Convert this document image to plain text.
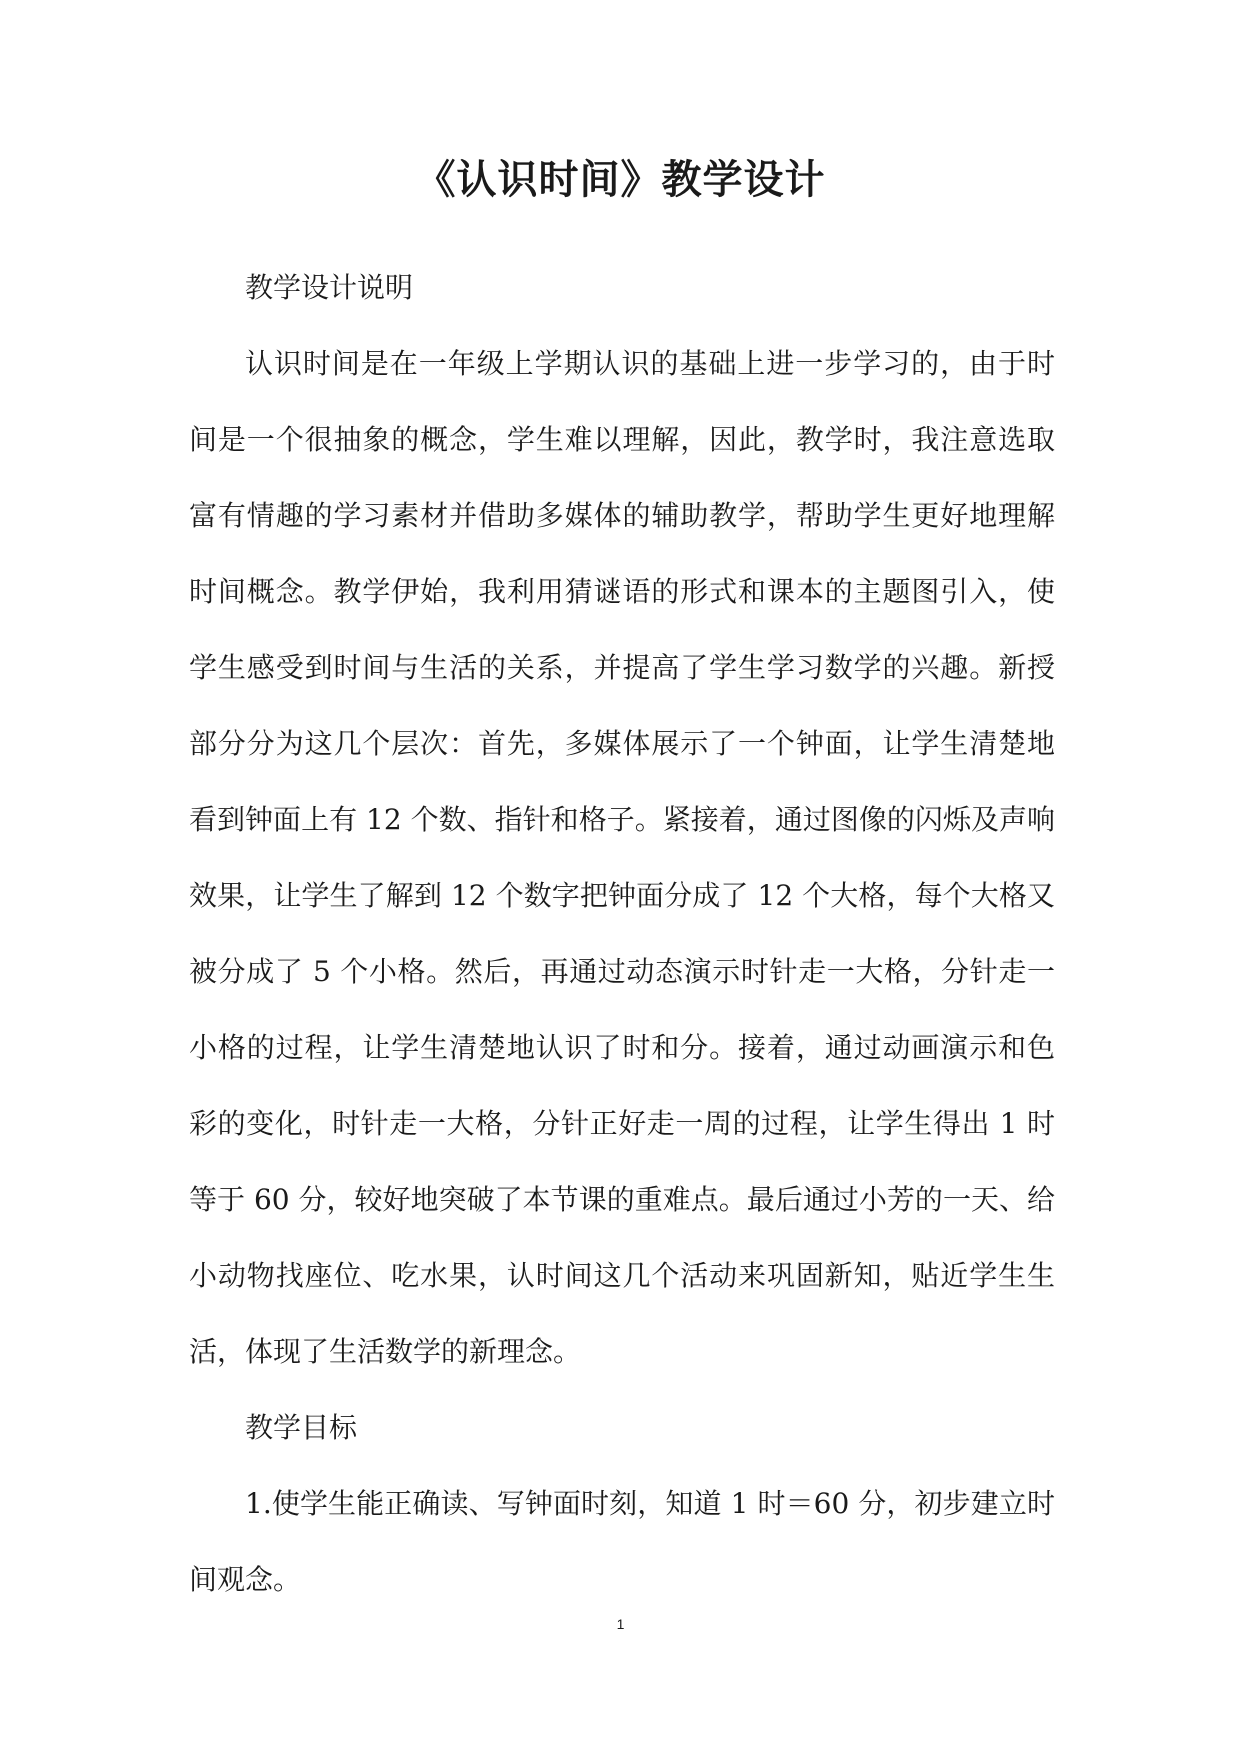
《认识时间》教学设计

教学设计说明

认识时间是在一年级上学期认识的基础上进一步学习的，由于时间是一个很抽象的概念，学生难以理解，因此，教学时，我注意选取富有情趣的学习素材并借助多媒体的辅助教学，帮助学生更好地理解时间概念。教学伊始，我利用猜谜语的形式和课本的主题图引入，使学生感受到时间与生活的关系，并提高了学生学习数学的兴趣。新授部分分为这几个层次：首先，多媒体展示了一个钟面，让学生清楚地看到钟面上有 12 个数、指针和格子。紧接着，通过图像的闪烁及声响效果，让学生了解到 12 个数字把钟面分成了 12 个大格，每个大格又被分成了 5 个小格。然后，再通过动态演示时针走一大格，分针走一小格的过程，让学生清楚地认识了时和分。接着，通过动画演示和色彩的变化，时针走一大格，分针正好走一周的过程，让学生得出 1 时等于 60 分，较好地突破了本节课的重难点。最后通过小芳的一天、给小动物找座位、吃水果，认时间这几个活动来巩固新知，贴近学生生活，体现了生活数学的新理念。

教学目标

1.使学生能正确读、写钟面时刻，知道 1 时＝60 分，初步建立时间观念。

1
